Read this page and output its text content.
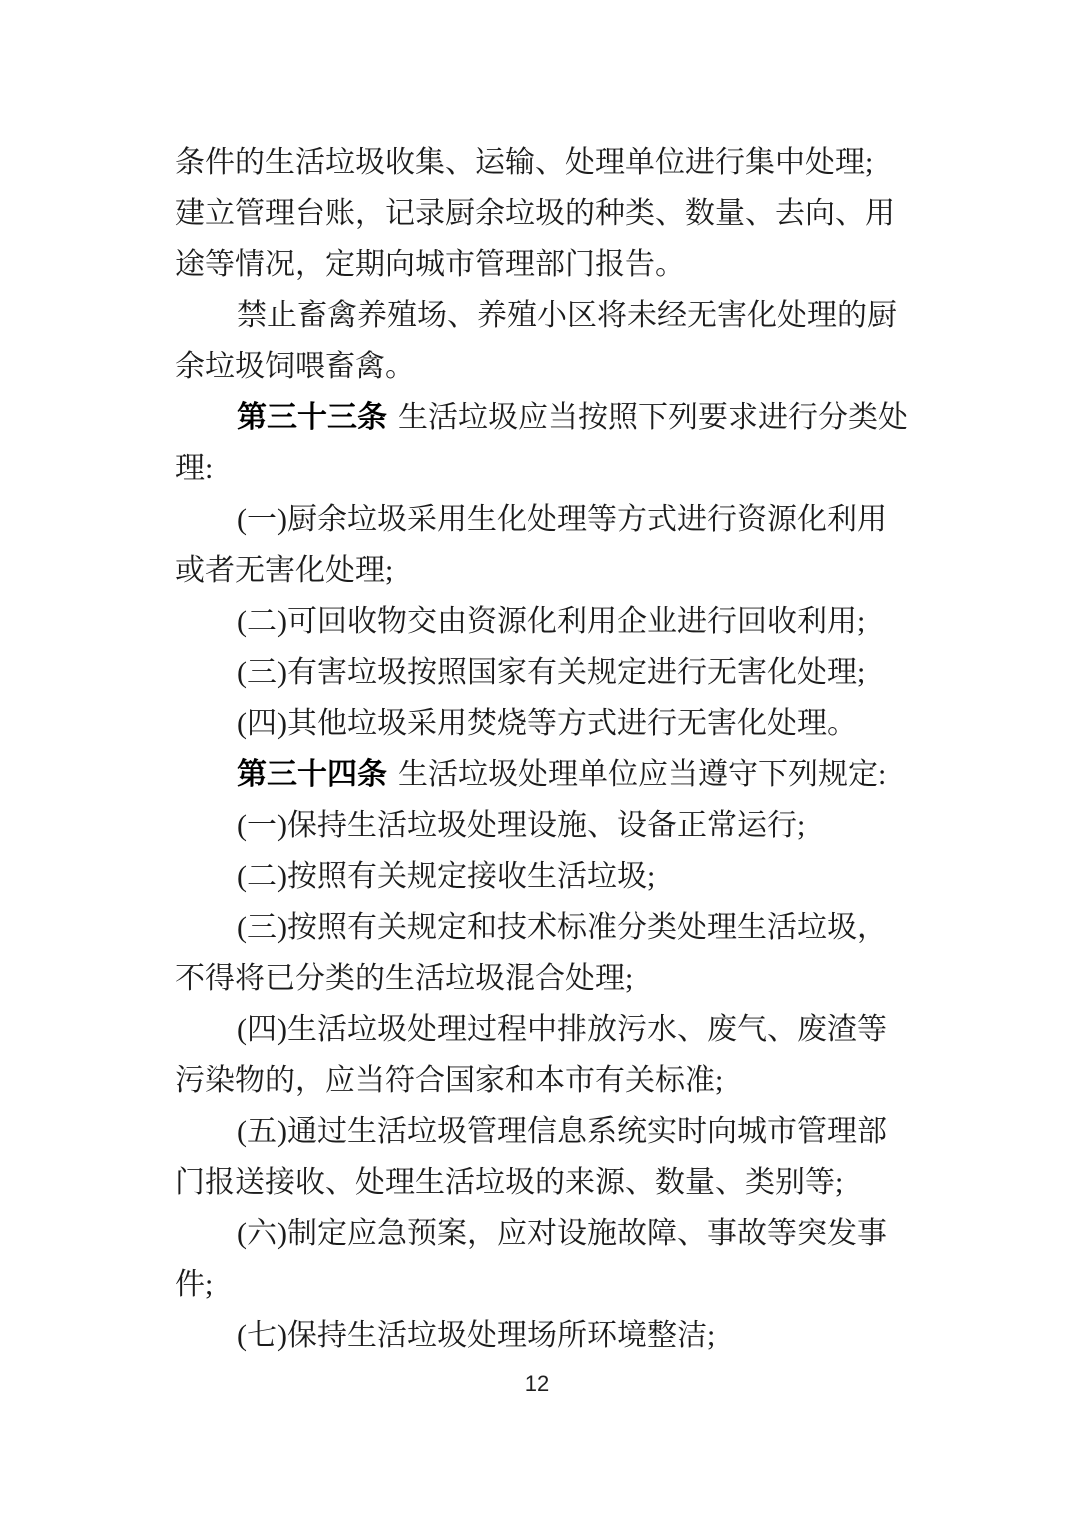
条件的生活垃圾收集、运输、处理单位进行集中处理;
建立管理台账，记录厨余垃圾的种类、数量、去向、用
途等情况，定期向城市管理部门报告。
禁止畜禽养殖场、养殖小区将未经无害化处理的厨
余垃圾饲喂畜禽。
第三十三条 生活垃圾应当按照下列要求进行分类处
理:
(一)厨余垃圾采用生化处理等方式进行资源化利用
或者无害化处理;
(二)可回收物交由资源化利用企业进行回收利用;
(三)有害垃圾按照国家有关规定进行无害化处理;
(四)其他垃圾采用焚烧等方式进行无害化处理。
第三十四条 生活垃圾处理单位应当遵守下列规定:
(一)保持生活垃圾处理设施、设备正常运行;
(二)按照有关规定接收生活垃圾;
(三)按照有关规定和技术标准分类处理生活垃圾，
不得将已分类的生活垃圾混合处理;
(四)生活垃圾处理过程中排放污水、废气、废渣等
污染物的，应当符合国家和本市有关标准;
(五)通过生活垃圾管理信息系统实时向城市管理部
门报送接收、处理生活垃圾的来源、数量、类别等;
(六)制定应急预案，应对设施故障、事故等突发事
件;
(七)保持生活垃圾处理场所环境整洁;
12
